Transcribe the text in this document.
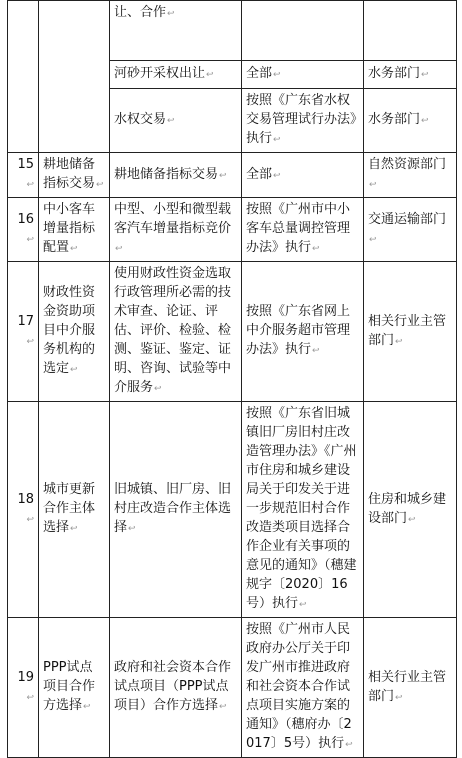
		让、合作↩		
		河砂开采权出让↩	全部↩	水务部门↩
		水权交易↩	按照《广东省水权交易管理试行办法》执行↩	水务部门↩
15↩	耕地储备指标交易↩	耕地储备指标交易↩	全部↩	自然资源部门↩
16↩	中小客车增量指标配置↩	中型、小型和微型载客汽车增量指标竞价↩	按照《广州市中小客车总量调控管理办法》执行↩	交通运输部门↩
17↩	财政性资金资助项目中介服务机构的选定↩	使用财政性资金选取行政管理所必需的技术审查、论证、评估、评价、检验、检测、鉴证、鉴定、证明、咨询、试验等中介服务↩	按照《广东省网上中介服务超市管理办法》执行↩	相关行业主管部门↩
18↩	城市更新合作主体选择↩	旧城镇、旧厂房、旧村庄改造合作主体选择↩	按照《广东省旧城镇旧厂房旧村庄改造管理办法》《广州市住房和城乡建设局关于印发关于进一步规范旧村合作改造类项目选择合作企业有关事项的意见的通知》（穗建规字〔2020〕16号）执行↩	住房和城乡建设部门↩
19↩	PPP试点项目合作方选择↩	政府和社会资本合作试点项目（PPP试点项目）合作方选择↩	按照《广州市人民政府办公厅关于印发广州市推进政府和社会资本合作试点项目实施方案的通知》（穗府办〔2017〕5号）执行↩	相关行业主管部门↩
